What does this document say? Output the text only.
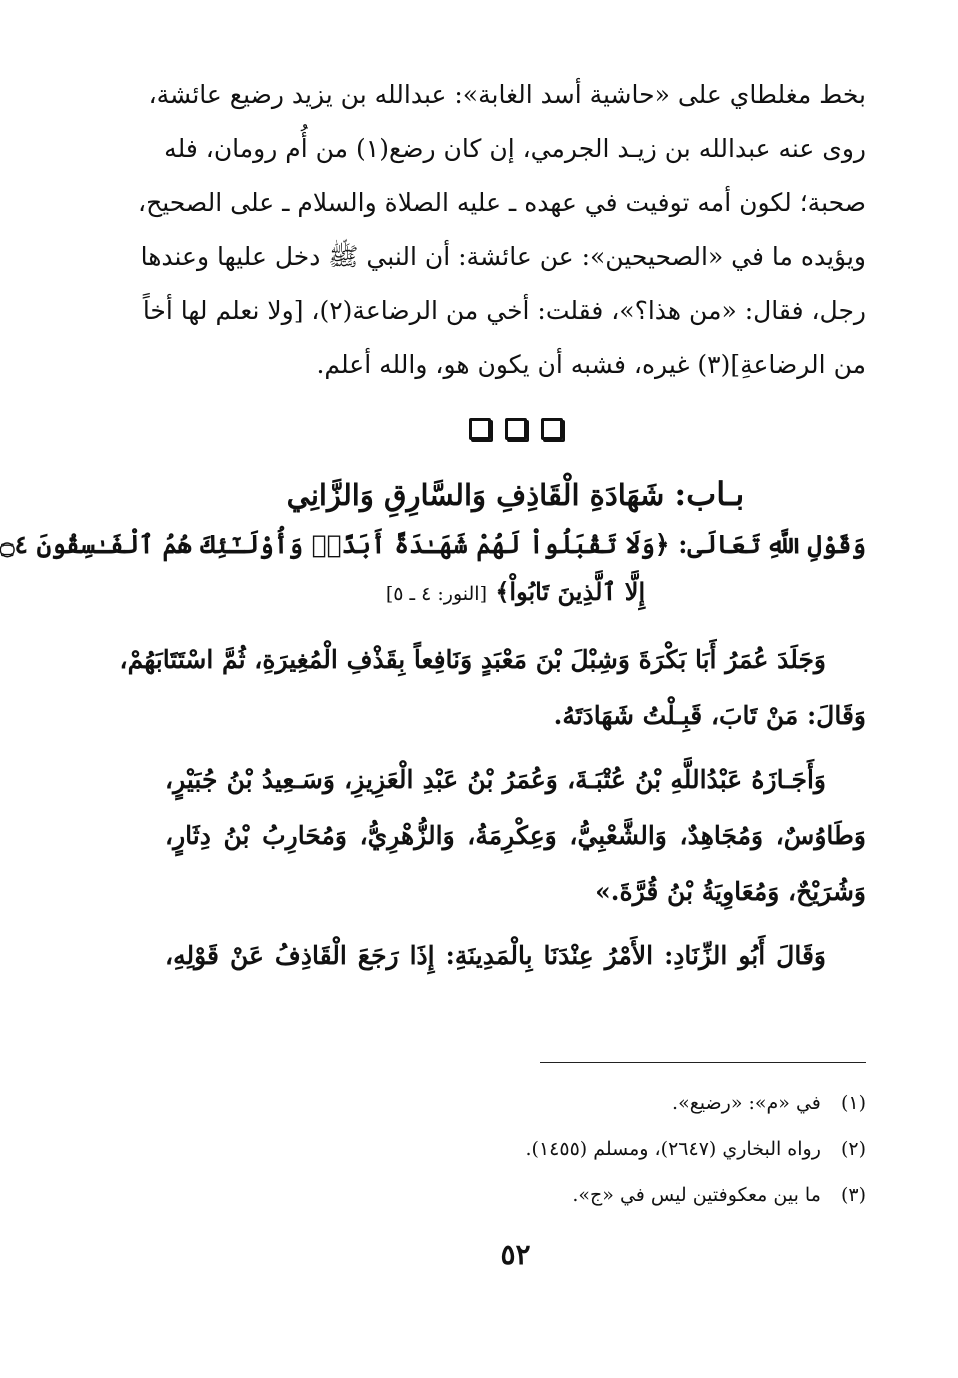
بخط مغلطاي على «حاشية أسد الغابة»: عبدالله بن يزيد رضيع عائشة،
روى عنه عبدالله بن زيـد الجرمي، إن كان رضع(١) من أُم رومان، فله
صحبة؛ لكون أمه توفيت في عهده ـ عليه الصلاة والسلام ـ على الصحيح،
ويؤيده ما في «الصحيحين»: عن عائشة: أن النبي ﷺ دخل عليها وعندها
رجل، فقال: «من هذا؟»، فقلت: أخي من الرضاعة(٢)، [ولا نعلم لها أخاً
من الرضاعةِ](٣) غيره، فشبه أن يكون هو، والله أعلم.
بـاب: شَهَادَةِ الْقَاذِفِ وَالسَّارِقِ وَالزَّانِي
وَقَوْلِ اللَّهِ تَعَالَى: ﴿وَلَا تَقْبَلُواْ لَهُمْ شَهَـٰدَةً أَبَدًاۚ وَأُوْلَـٰٓئِكَ هُمُ ٱلْفَـٰسِقُونَ ۝٤
إِلَّا ٱلَّذِينَ تَابُواْ﴾ [النور: ٤ ـ ٥]
وَجَلَدَ عُمَرُ أَبَا بَكْرَةَ وَشِبْلَ بْنَ مَعْبَدٍ وَنَافِعاً بِقَذْفِ الْمُغِيرَةِ، ثُمَّ اسْتَتَابَهُمْ،
وَقَالَ: مَنْ تَابَ، قَبِـلْتُ شَهَادَتَهُ.
وَأَجَـازَهُ عَبْدُاللَّهِ بْنُ عُتْبَـةَ، وَعُمَرُ بْنُ عَبْدِ الْعَزِيزِ، وَسَـعِيدُ بْنُ جُبَيْرٍ،
وَطَاوُسٌ، وَمُجَاهِدٌ، وَالشَّعْبِيُّ، وَعِكْرِمَةُ، وَالزُّهْرِيُّ، وَمُحَارِبُ بْنُ دِثَارٍ،
وَشُرَيْحٌ، وَمُعَاوِيَةُ بْنُ قُرَّةَ.»
وَقَالَ أَبُو الزِّنَادِ: الأَمْرُ عِنْدَنَا بِالْمَدِينَةِ: إِذَا رَجَعَ الْقَاذِفُ عَنْ قَوْلِهِ،
(١) في «م»: «رضيع».
(٢) رواه البخاري (٢٦٤٧)، ومسلم (١٤٥٥).
(٣) ما بين معكوفتين ليس في «ج».
٥٢
